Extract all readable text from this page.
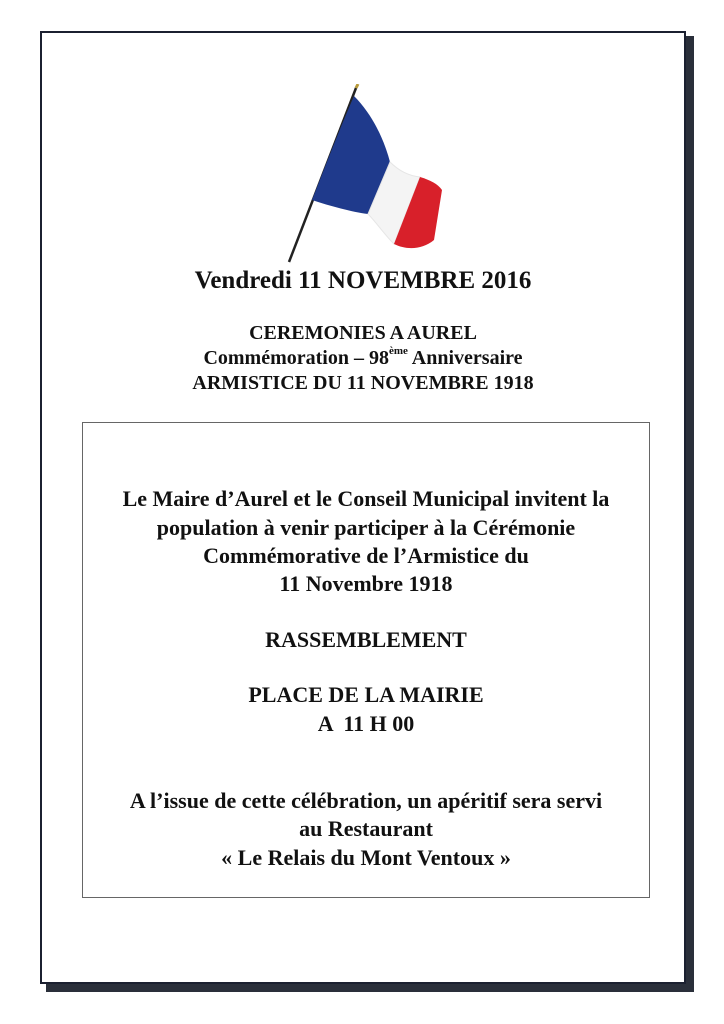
Vendredi 11 NOVEMBRE 2016
CEREMONIES A AUREL
Commémoration – 98ème Anniversaire
ARMISTICE DU 11 NOVEMBRE 1918
Le Maire d’Aurel et le Conseil Municipal invitent la
population à venir participer à la Cérémonie
Commémorative de l’Armistice du
11 Novembre 1918
RASSEMBLEMENT
PLACE DE LA MAIRIE
A  11 H 00
A l’issue de cette célébration, un apéritif sera servi
au Restaurant
« Le Relais du Mont Ventoux »
